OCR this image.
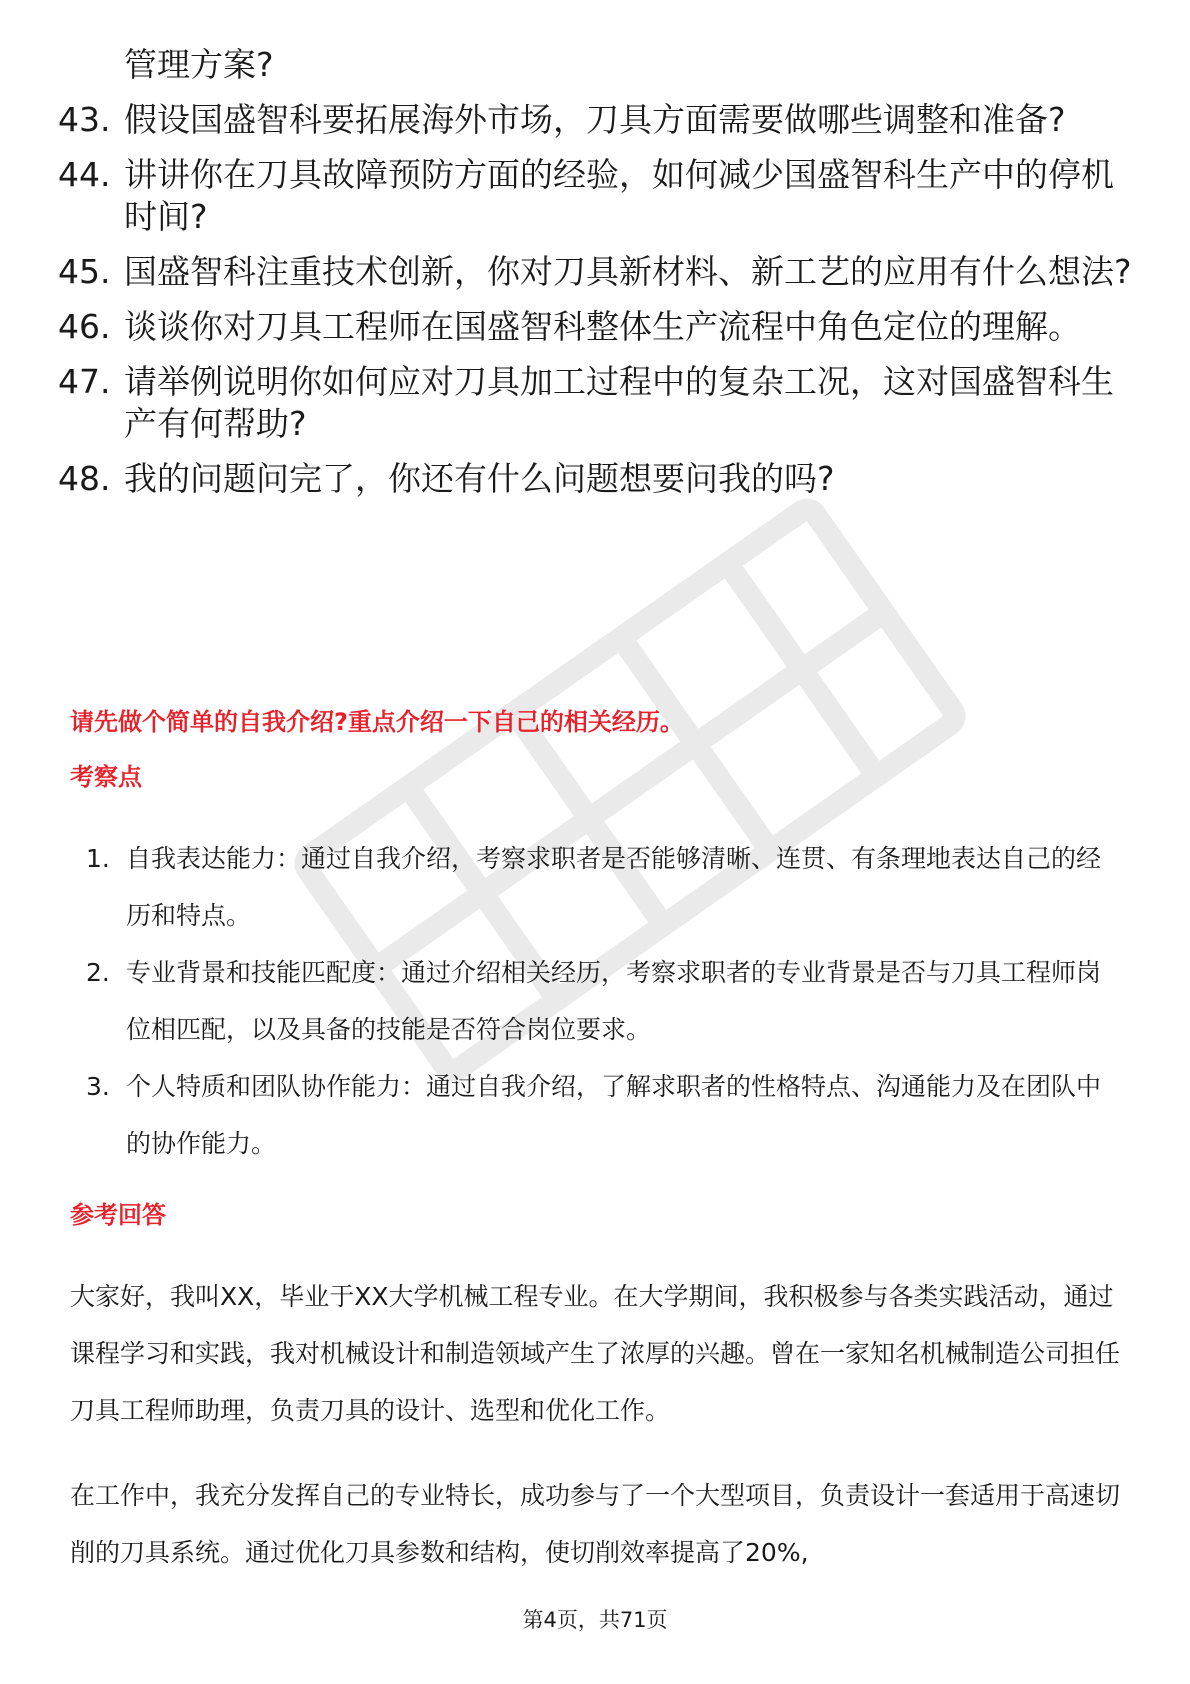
管理方案?
43. 假设国盛智科要拓展海外市场，刀具方面需要做哪些调整和准备?
44. 讲讲你在刀具故障预防方面的经验，如何减少国盛智科生产中的停机时间?
45. 国盛智科注重技术创新，你对刀具新材料、新工艺的应用有什么想法?
46. 谈谈你对刀具工程师在国盛智科整体生产流程中角色定位的理解。
47. 请举例说明你如何应对刀具加工过程中的复杂工况，这对国盛智科生产有何帮助?
48. 我的问题问完了，你还有什么问题想要问我的吗?
请先做个简单的自我介绍?重点介绍一下自己的相关经历。
考察点
1. 自我表达能力：通过自我介绍，考察求职者是否能够清晰、连贯、有条理地表达自己的经历和特点。
2. 专业背景和技能匹配度：通过介绍相关经历，考察求职者的专业背景是否与刀具工程师岗位相匹配，以及具备的技能是否符合岗位要求。
3. 个人特质和团队协作能力：通过自我介绍，了解求职者的性格特点、沟通能力及在团队中的协作能力。
参考回答

大家好，我叫XX，毕业于XX大学机械工程专业。在大学期间，我积极参与各类实践活动，通过课程学习和实践，我对机械设计和制造领域产生了浓厚的兴趣。曾在一家知名机械制造公司担任刀具工程师助理，负责刀具的设计、选型和优化工作。

在工作中，我充分发挥自己的专业特长，成功参与了一个大型项目，负责设计一套适用于高速切削的刀具系统。通过优化刀具参数和结构，使切削效率提高了20%,

第4页，共71页
